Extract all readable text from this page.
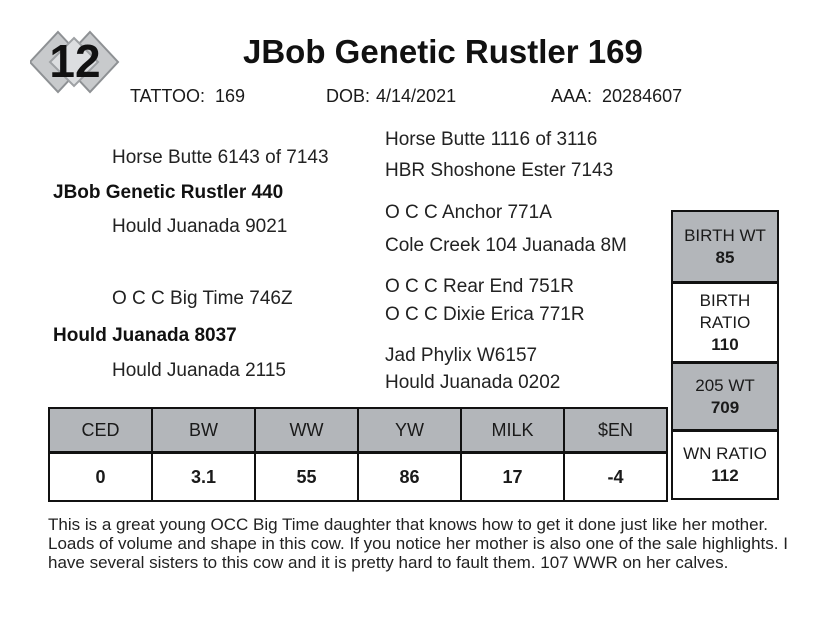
12	JBob Genetic Rustler 169
TATTOO: 169	DOB: 4/14/2021	AAA: 20284607
Horse Butte 6143 of 7143
JBob Genetic Rustler 440
Hould Juanada 9021
O C C Big Time 746Z
Hould Juanada 8037
Hould Juanada 2115
Horse Butte 1116 of 3116
HBR Shoshone Ester 7143
O C C Anchor 771A
Cole Creek 104 Juanada 8M
O C C Rear End 751R
O C C Dixie Erica 771R
Jad Phylix W6157
Hould Juanada 0202
CED	BW	WW	YW	MILK	$EN
0	3.1	55	86	17	-4
BIRTH WT
85
BIRTH
RATIO
110
205 WT
709
WN RATIO
112
This is a great young OCC Big Time daughter that knows how to get it done just like her mother. Loads of volume and shape in this cow. If you notice her mother is also one of the sale highlights. I have several sisters to this cow and it is pretty hard to fault them. 107 WWR on her calves.
